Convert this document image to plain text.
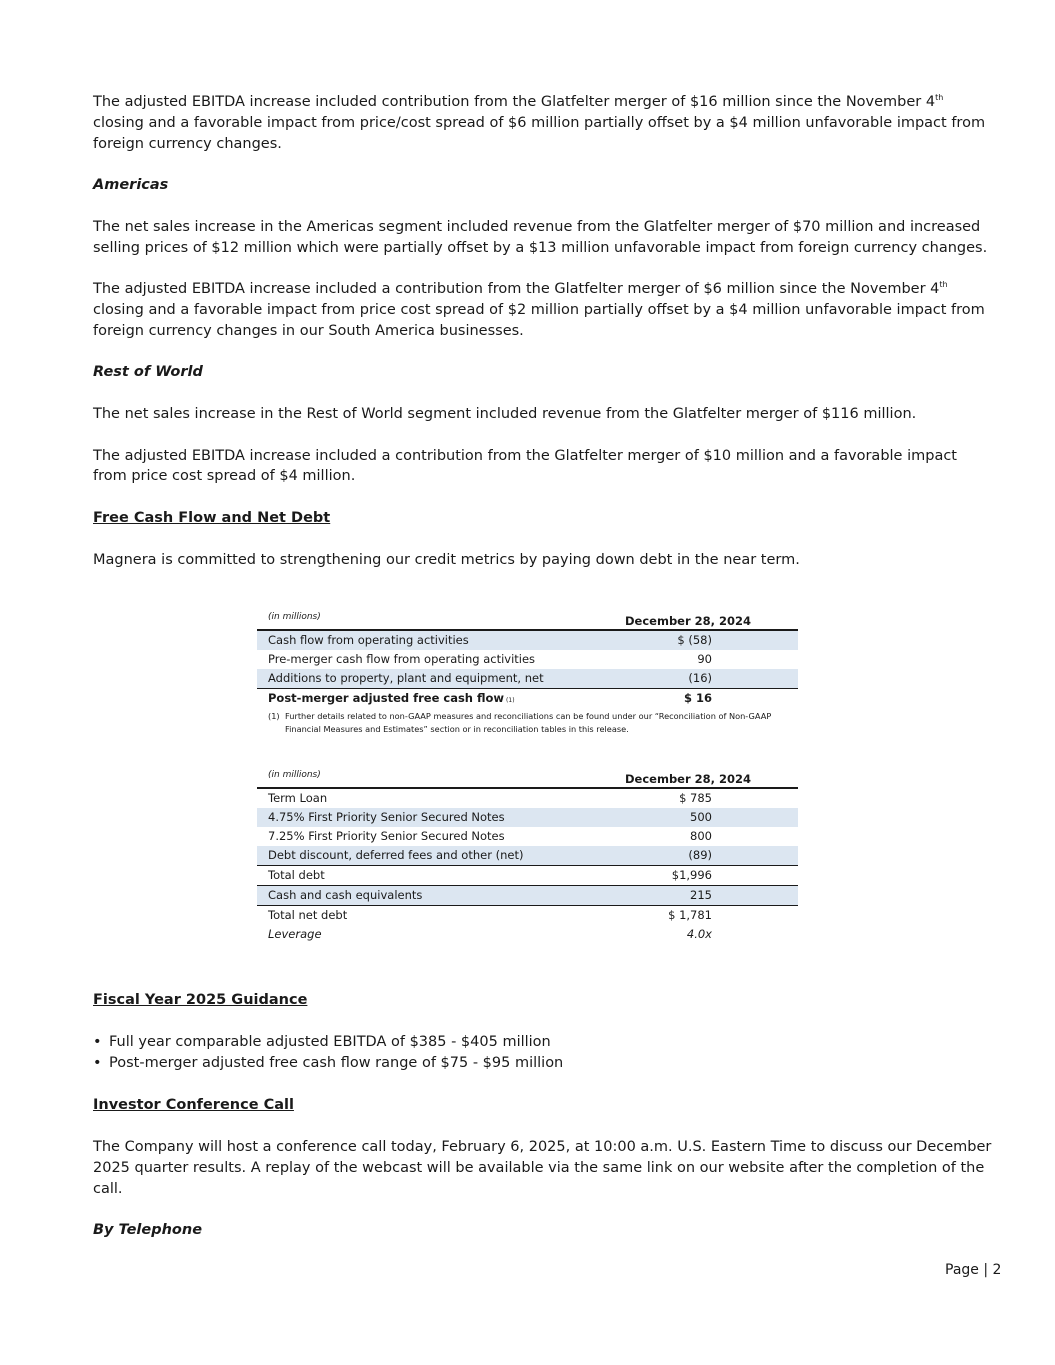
The adjusted EBITDA increase included contribution from the Glatfelter merger of $16 million since the November 4th closing and a favorable impact from price/cost spread of $6 million partially offset by a $4 million unfavorable impact from foreign currency changes.

Americas

The net sales increase in the Americas segment included revenue from the Glatfelter merger of $70 million and increased selling prices of $12 million which were partially offset by a $13 million unfavorable impact from foreign currency changes.

The adjusted EBITDA increase included a contribution from the Glatfelter merger of $6 million since the November 4th closing and a favorable impact from price cost spread of $2 million partially offset by a $4 million unfavorable impact from foreign currency changes in our South America businesses.

Rest of World

The net sales increase in the Rest of World segment included revenue from the Glatfelter merger of $116 million.

The adjusted EBITDA increase included a contribution from the Glatfelter merger of $10 million and a favorable impact from price cost spread of $4 million.

Free Cash Flow and Net Debt

Magnera is committed to strengthening our credit metrics by paying down debt in the near term.

(in millions)	December 28, 2024
Cash flow from operating activities	$ (58)
Pre-merger cash flow from operating activities	90
Additions to property, plant and equipment, net	(16)
Post-merger adjusted free cash flow (1)	$ 16
(1) Further details related to non-GAAP measures and reconciliations can be found under our “Reconciliation of Non-GAAP Financial Measures and Estimates” section or in reconciliation tables in this release.
(in millions)	December 28, 2024
Term Loan	$ 785
4.75% First Priority Senior Secured Notes	500
7.25% First Priority Senior Secured Notes	800
Debt discount, deferred fees and other (net)	(89)
Total debt	$1,996
Cash and cash equivalents	215
Total net debt	$ 1,781
Leverage	4.0x

Fiscal Year 2025 Guidance

• Full year comparable adjusted EBITDA of $385 - $405 million
• Post-merger adjusted free cash flow range of $75 - $95 million

Investor Conference Call

The Company will host a conference call today, February 6, 2025, at 10:00 a.m. U.S. Eastern Time to discuss our December 2025 quarter results. A replay of the webcast will be available via the same link on our website after the completion of the call.

By Telephone

Page | 2
